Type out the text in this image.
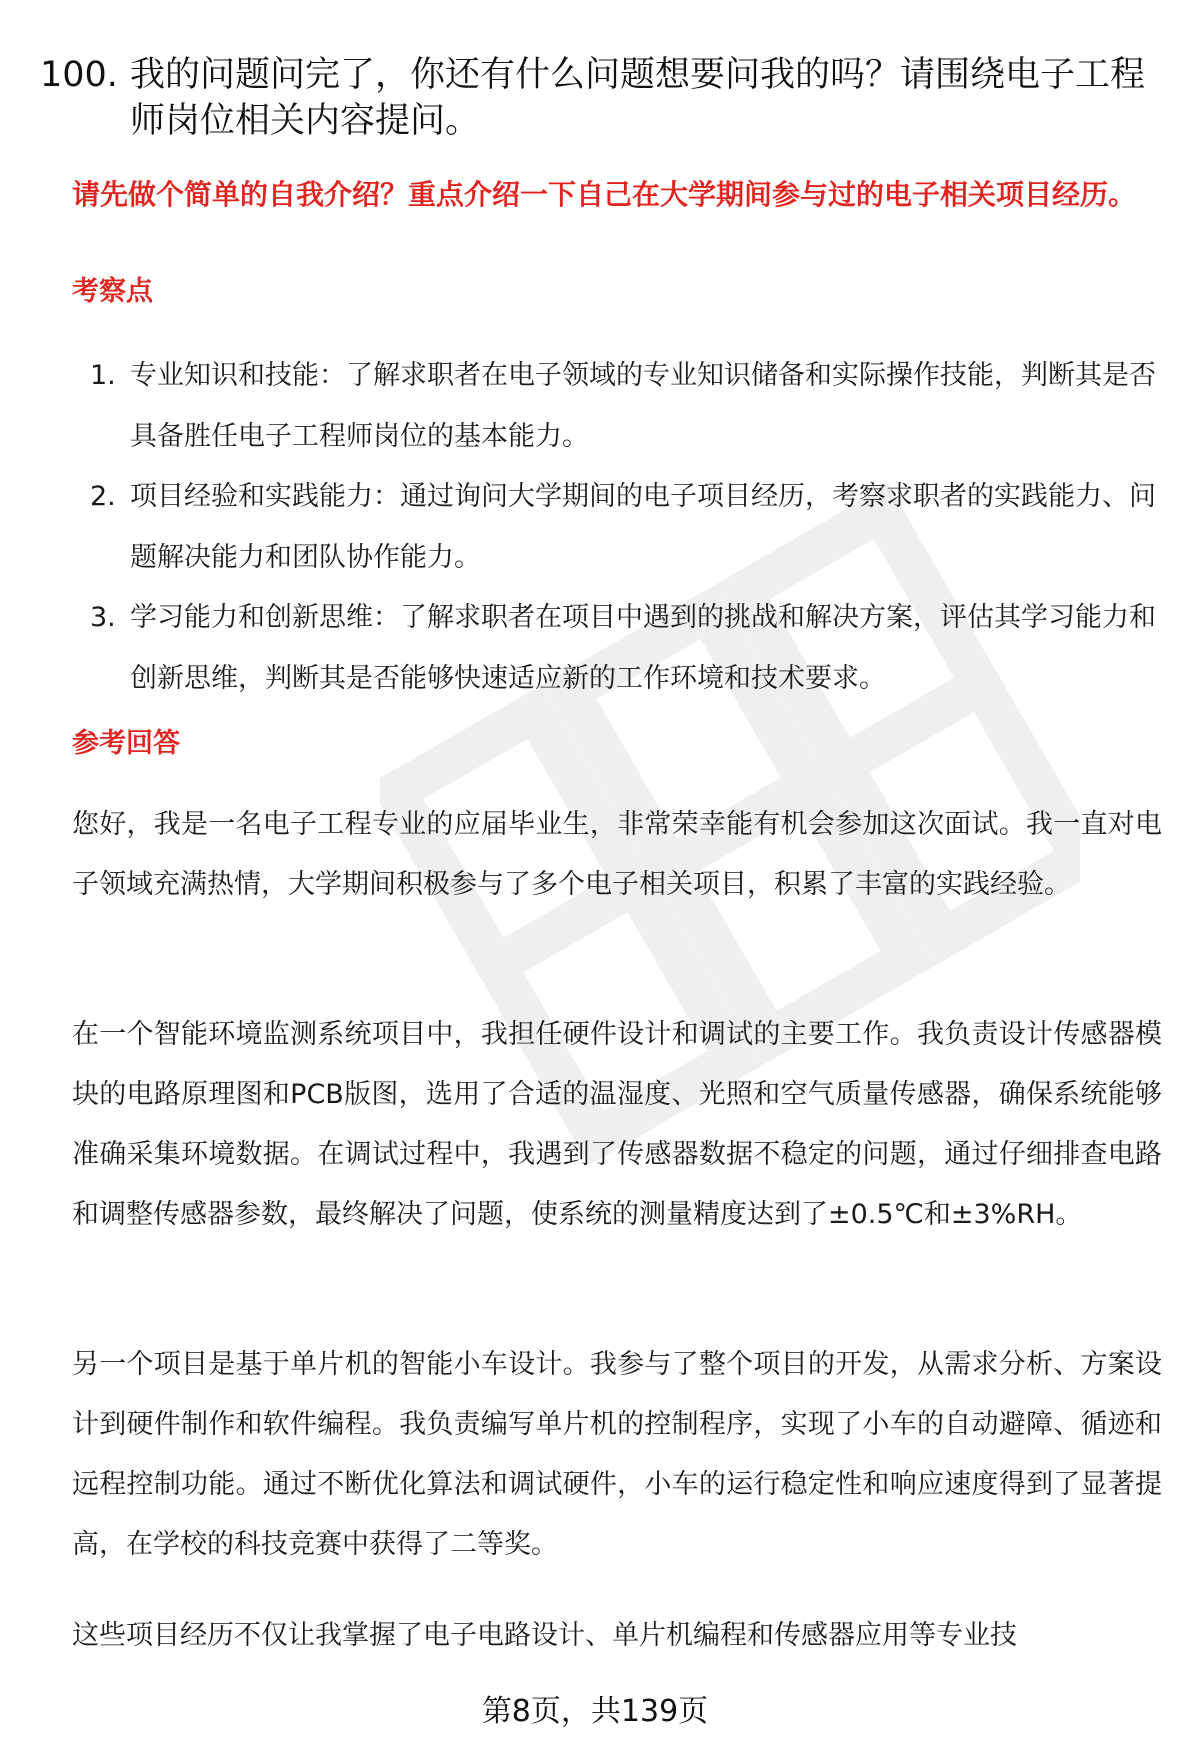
100. 我的问题问完了，你还有什么问题想要问我的吗？请围绕电子工程师岗位相关内容提问。
请先做个简单的自我介绍？重点介绍一下自己在大学期间参与过的电子相关项目经历。
考察点
1. 专业知识和技能：了解求职者在电子领域的专业知识储备和实际操作技能，判断其是否具备胜任电子工程师岗位的基本能力。
2. 项目经验和实践能力：通过询问大学期间的电子项目经历，考察求职者的实践能力、问题解决能力和团队协作能力。
3. 学习能力和创新思维：了解求职者在项目中遇到的挑战和解决方案，评估其学习能力和创新思维，判断其是否能够快速适应新的工作环境和技术要求。
参考回答

您好，我是一名电子工程专业的应届毕业生，非常荣幸能有机会参加这次面试。我一直对电子领域充满热情，大学期间积极参与了多个电子相关项目，积累了丰富的实践经验。

在一个智能环境监测系统项目中，我担任硬件设计和调试的主要工作。我负责设计传感器模块的电路原理图和PCB版图，选用了合适的温湿度、光照和空气质量传感器，确保系统能够准确采集环境数据。在调试过程中，我遇到了传感器数据不稳定的问题，通过仔细排查电路和调整传感器参数，最终解决了问题，使系统的测量精度达到了±0.5℃和±3%RH。

另一个项目是基于单片机的智能小车设计。我参与了整个项目的开发，从需求分析、方案设计到硬件制作和软件编程。我负责编写单片机的控制程序，实现了小车的自动避障、循迹和远程控制功能。通过不断优化算法和调试硬件，小车的运行稳定性和响应速度得到了显著提高，在学校的科技竞赛中获得了二等奖。

这些项目经历不仅让我掌握了电子电路设计、单片机编程和传感器应用等专业技

第8页，共139页
